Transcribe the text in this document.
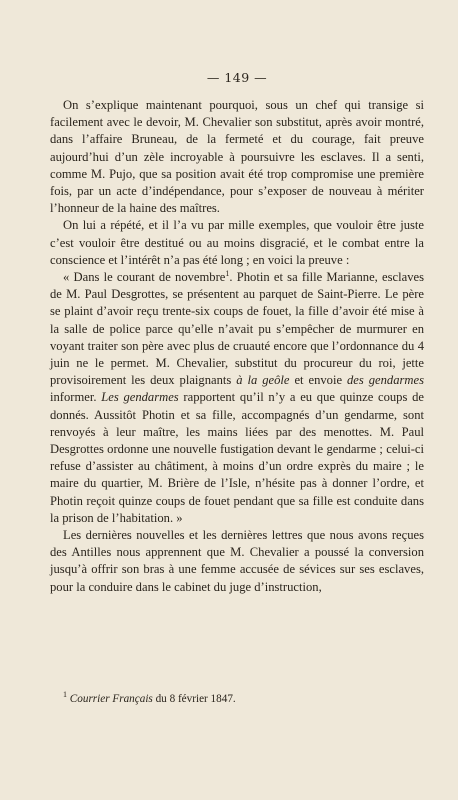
— 149 —

On s’explique maintenant pourquoi, sous un chef qui transige si facilement avec le devoir, M. Chevalier son substitut, après avoir montré, dans l’affaire Bruneau, de la fermeté et du courage, fait preuve aujourd’hui d’un zèle incroyable à poursuivre les esclaves. Il a senti, comme M. Pujo, que sa position avait été trop compromise une première fois, par un acte d’indépendance, pour s’exposer de nouveau à mériter l’honneur de la haine des maîtres.

On lui a répété, et il l’a vu par mille exemples, que vouloir être juste c’est vouloir être destitué ou au moins disgracié, et le combat entre la conscience et l’intérêt n’a pas été long ; en voici la preuve :

« Dans le courant de novembre$^1$. Photin et sa fille Marianne, esclaves de M. Paul Desgrottes, se présentent au parquet de Saint-Pierre. Le père se plaint d’avoir reçu trente-six coups de fouet, la fille d’avoir été mise à la salle de police parce qu’elle n’avait pu s’empêcher de murmurer en voyant traiter son père avec plus de cruauté encore que l’ordonnance du 4 juin ne le permet. M. Chevalier, substitut du procureur du roi, jette provisoirement les deux plaignants à la geôle et envoie des gendarmes informer. Les gendarmes rapportent qu’il n’y a eu que quinze coups de donnés. Aussitôt Photin et sa fille, accompagnés d’un gendarme, sont renvoyés à leur maître, les mains liées par des menottes. M. Paul Desgrottes ordonne une nouvelle fustigation devant le gendarme ; celui-ci refuse d’assister au châtiment, à moins d’un ordre exprès du maire ; le maire du quartier, M. Brière de l’Isle, n’hésite pas à donner l’ordre, et Photin reçoit quinze coups de fouet pendant que sa fille est conduite dans la prison de l’habitation. »

Les dernières nouvelles et les dernières lettres que nous avons reçues des Antilles nous apprennent que M. Chevalier a poussé la conversion jusqu’à offrir son bras à une femme accusée de sévices sur ses esclaves, pour la conduire dans le cabinet du juge d’instruction,

$^1$ Courrier Français du 8 février 1847.
